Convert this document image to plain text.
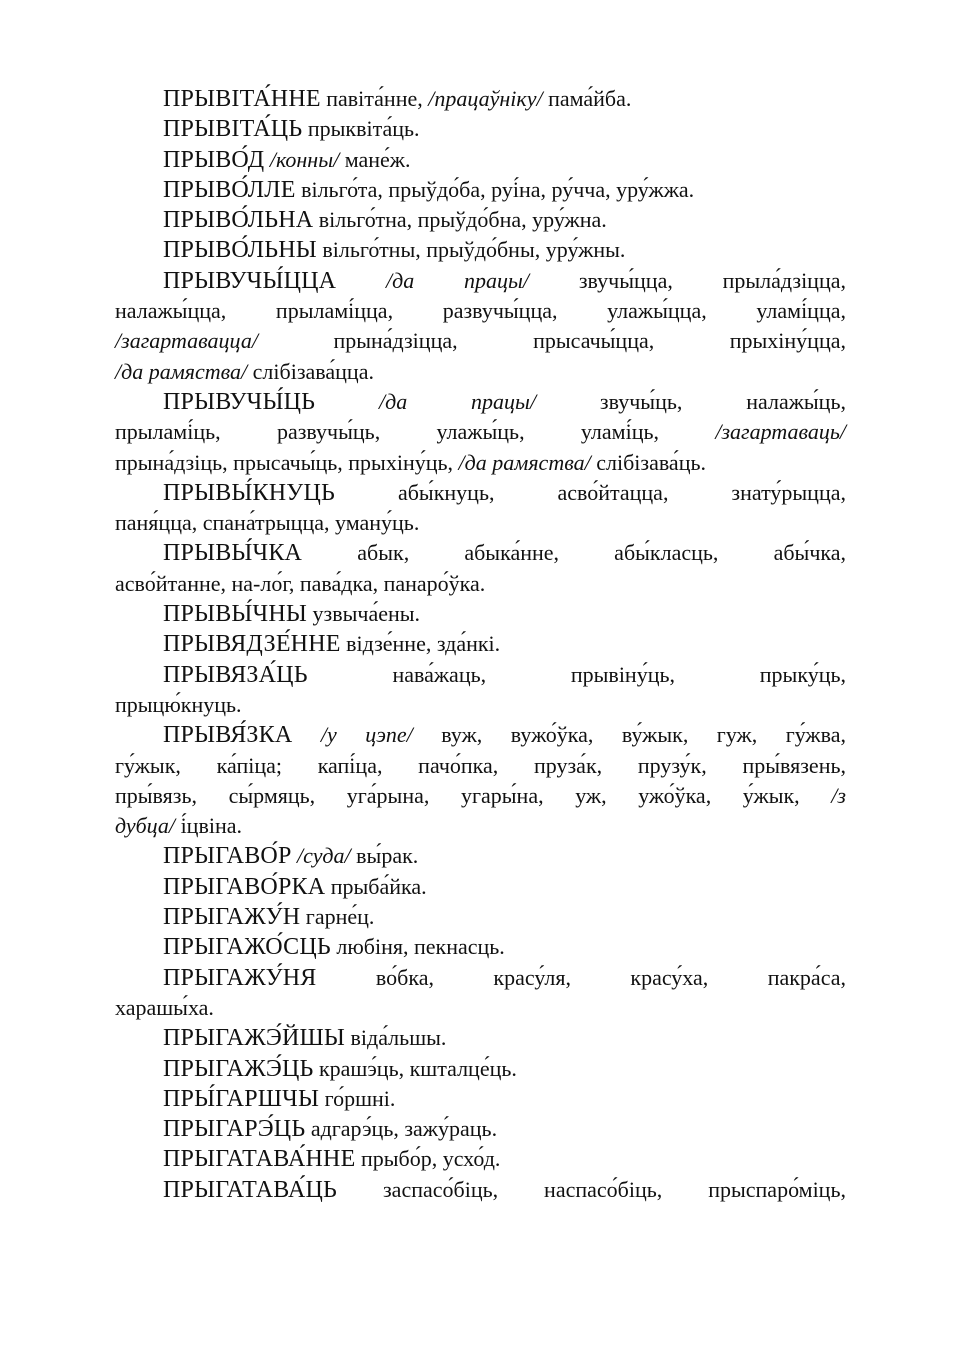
ПРЫВІТА́ННЕ павіта́нне, /працаўніку/ пама́йба.

ПРЫВІТА́ЦЬ прыквіта́ць.

ПРЫВО́Д /конны/ мане́ж.

ПРЫВО́ЛЛЕ вільго́та, прыўдо́ба, руі́на, ру́чча, уру́жжа.

ПРЫВО́ЛЬНА вільго́тна, прыўдо́бна, уру́жна.

ПРЫВО́ЛЬНЫ вільго́тны, прыўдо́бны, уру́жны.

ПРЫВУЧЫ́ЦЦА /да працы/ звучы́цца, прыла́дзіцца,
налажы́цца, прыламі́цца, развучы́цца, улажы́цца, уламі́цца,
/загартавацца/ прына́дзіцца, прысачы́цца, прыхіну́цца,
/да рамяства/ слібізава́цца.

ПРЫВУЧЫ́ЦЬ	/да працы/ звучы́ць, налажы́ць,
прыламі́ць, развучы́ць, улажы́ць, уламі́ць, /загартаваць/
прына́дзіць, прысачы́ць, прыхіну́ць, /да рамяства/ слібізава́ць.

ПРЫВЫ́КНУЦЬ	абы́кнуць, асво́йтацца, знату́рыцца,
паня́цца, спана́трыцца, уману́ць.

ПРЫВЫ́ЧКА	абык, абыка́нне, абы́класць, абы́чка,
асво́йтанне, на-ло́г, пава́дка, панаро́ўка.

ПРЫВЫ́ЧНЫ узвыча́ены.

ПРЫВЯДЗЕ́ННЕ відзе́нне, зда́нкі.

ПРЫВЯЗА́ЦЬ	нава́жаць, прывіну́ць, прыку́ць,
прыцю́кнуць.

ПРЫВЯ́ЗКА /у цэпе/ вуж, вужо́ўка, ву́жык, гуж, гу́жва,
гу́жык, ка́піца; капі́ца, пачо́пка, пруза́к, прузу́к, пры́вязень,
пры́вязь, сы́рмяць, уга́рына, угары́на, уж, ужо́ўка, у́жык, /з
дубца/ і́цвіна.

ПРЫГАВО́Р /суда/ вы́рак.

ПРЫГАВО́РКА прыба́йка.

ПРЫГАЖУ́Н гарне́ц.

ПРЫГАЖО́СЦЬ любіня, пекнасць.

ПРЫГАЖУ́НЯ	во́бка, красу́ля, красу́ха, пакра́са,
харашы́ха.

ПРЫГАЖЭ́ЙШЫ віда́льшы.

ПРЫГАЖЭ́ЦЬ крашэ́ць, кшталце́ць.

ПРЫ́ГАРШЧЫ го́ршні.

ПРЫГАРЭ́ЦЬ адгарэ́ць, зажу́раць.

ПРЫГАТАВА́ННЕ прыбо́р, усхо́д.

ПРЫГАТАВА́ЦЬ заспасо́біць, наспасо́біць, прыспаро́міць,
